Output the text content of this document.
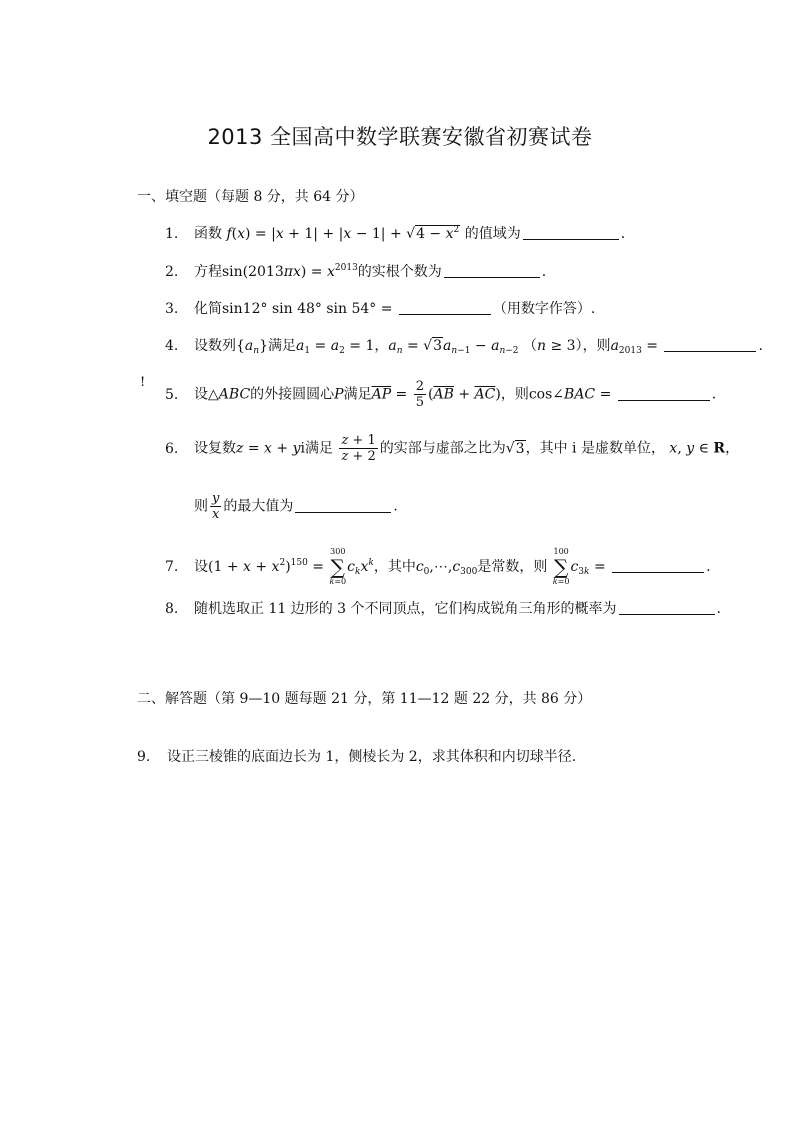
2013 全国高中数学联赛安徽省初赛试卷
一、填空题（每题 8 分，共 64 分）
1. 函数 $f(x) = |x + 1| + |x - 1| + √4 - x^2$ 的值域为	.
2. 方程$\sin(2013\pi x) = x^{2013}$的实根个数为	.
3. 化简sin12° sin 48° sin 54° =	（用数字作答）.
4. 设数列$\{a_n\}$满足$a_1 = a_2 = 1$，$a_n = √3a_{n-1} - a_{n-2}$ （n ≥ 3），则$a_{2013}$ =	.
!
5. 设△ABC的外接圆圆心P满足$\overline{AP} = \frac{2}{5} (\overline{AB} + \overline{AC})$，则cos∠BAC =	.
6. 设复数z = x + yi满足 $\frac{z + 1}{z + 2}$ 的实部与虚部之比为√3，其中 i 是虚数单位， x, y ∈ R，
则 $\frac{y}{x}$ 的最大值为	.
7. 设$(1 + x + x^2)^{150}$ =
300
∑
k=0
$c_kx^k$，其中$c_0,\cdots,c_{300}$是常数，则
100
∑
k=0
$c_{3k}$ =	.
8. 随机选取正 11 边形的 3 个不同顶点，它们构成锐角三角形的概率为	.
二、解答题（第 9—10 题每题 21 分，第 11—12 题 22 分，共 86 分）
9. 设正三棱锥的底面边长为 1，侧棱长为 2，求其体积和内切球半径.
